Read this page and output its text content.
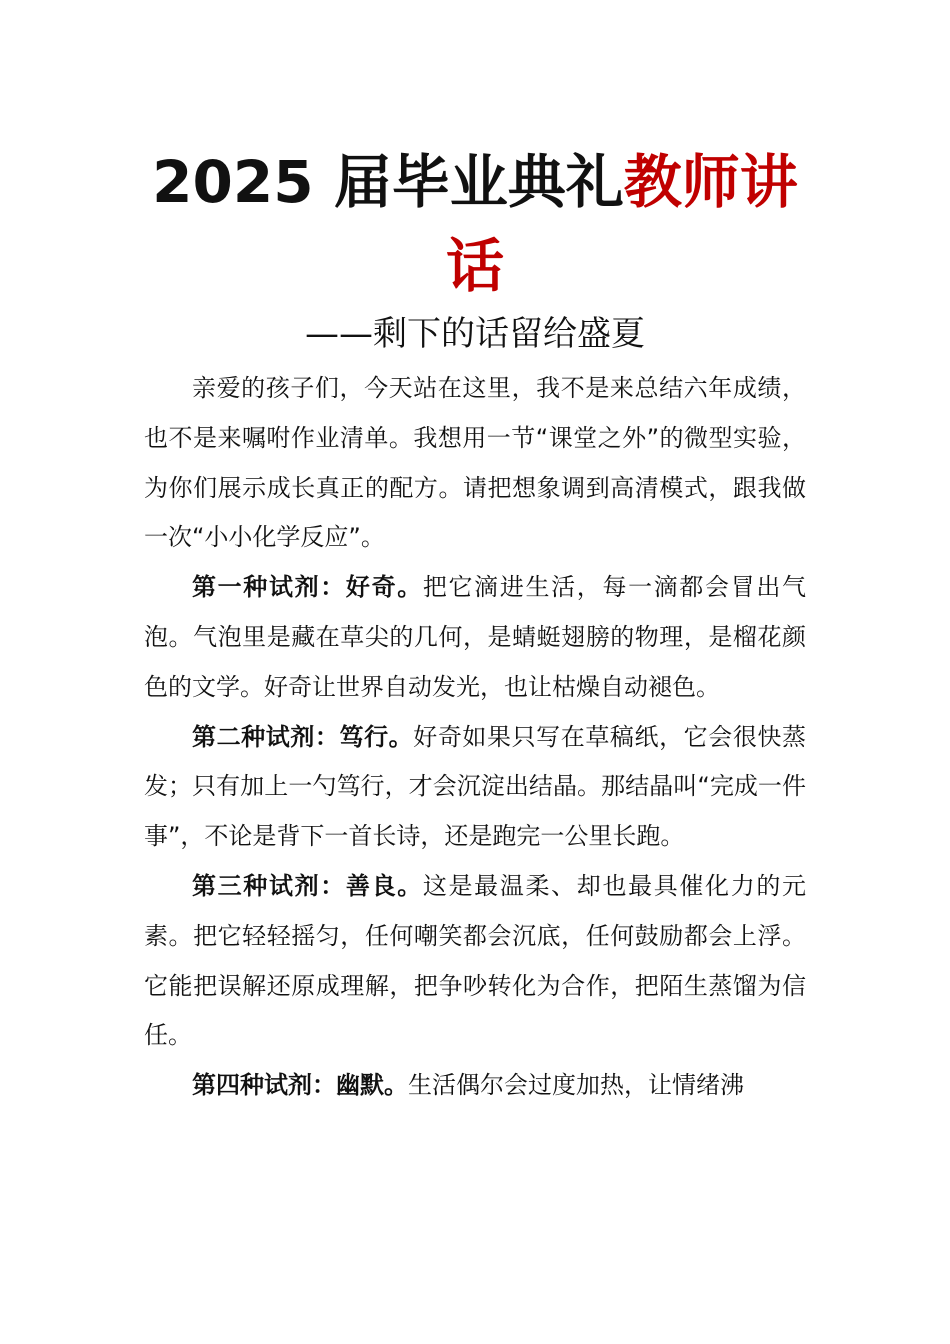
2025 届毕业典礼教师讲话

——剩下的话留给盛夏

亲爱的孩子们，今天站在这里，我不是来总结六年成绩，也不是来嘱咐作业清单。我想用一节“课堂之外”的微型实验，为你们展示成长真正的配方。请把想象调到高清模式，跟我做一次“小小化学反应”。

第一种试剂：好奇。把它滴进生活，每一滴都会冒出气泡。气泡里是藏在草尖的几何，是蜻蜓翅膀的物理，是榴花颜色的文学。好奇让世界自动发光，也让枯燥自动褪色。

第二种试剂：笃行。好奇如果只写在草稿纸，它会很快蒸发；只有加上一勺笃行，才会沉淀出结晶。那结晶叫“完成一件事”，不论是背下一首长诗，还是跑完一公里长跑。

第三种试剂：善良。这是最温柔、却也最具催化力的元素。把它轻轻摇匀，任何嘲笑都会沉底，任何鼓励都会上浮。它能把误解还原成理解，把争吵转化为合作，把陌生蒸馏为信任。

第四种试剂：幽默。生活偶尔会过度加热，让情绪沸
